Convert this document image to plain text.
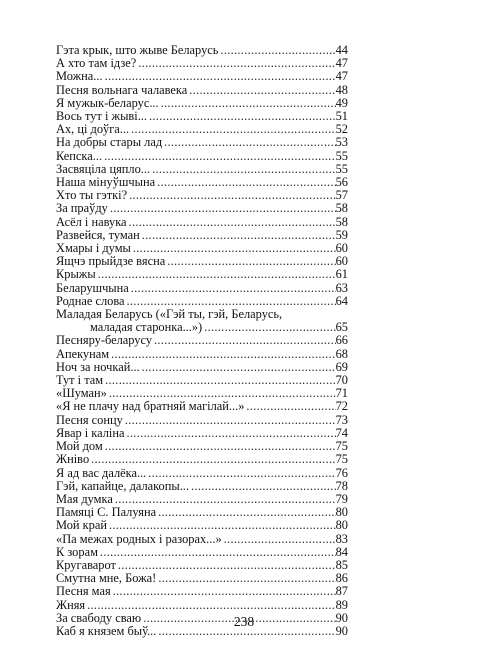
Гэта крык, што жыве Беларусь .....	44
А хто там ідзе? .....	47
Можна... .....	47
Песня вольнага чалавека .....	48
Я мужык-беларус... .....	49
Вось тут і жыві... .....	51
Ах, ці доўга... .....	52
На добры стары лад .....	53
Кепска... .....	55
Засвяціла цяпло... .....	55
Наша мінуўшчына .....	56
Хто ты гэткі? .....	57
За праўду .....	58
Асёл і навука .....	58
Развейся, туман .....	59
Хмары і думы .....	60
Ящчэ прыйдзе вясна .....	60
Крыжы .....	61
Беларушчына .....	63
Роднае слова .....	64
Маладая Беларусь («Гэй ты, гэй, Беларусь,
маладая старонка...») .....	65
Песняру-беларусу .....	66
Апекунам .....	68
Ноч за ночкай... .....	69
Тут і там .....	70
«Шуман» .....	71
«Я не плачу над братняй магілай...» .....	72
Песня сонцу .....	73
Явар і каліна .....	74
Мой дом .....	75
Жніво .....	75
Я ад вас далёка... .....	76
Гэй, капайце, далакопы... .....	78
Мая думка .....	79
Памяці С. Палуяна .....	80
Мой край .....	80
«Па межах родных і разорах...» .....	83
К зорам .....	84
Кругаварот .....	85
Смутна мне, Божа! .....	86
Песня мая .....	87
Жняя .....	89
За свабоду сваю .....	90
Каб я князем быў... .....	90
238
